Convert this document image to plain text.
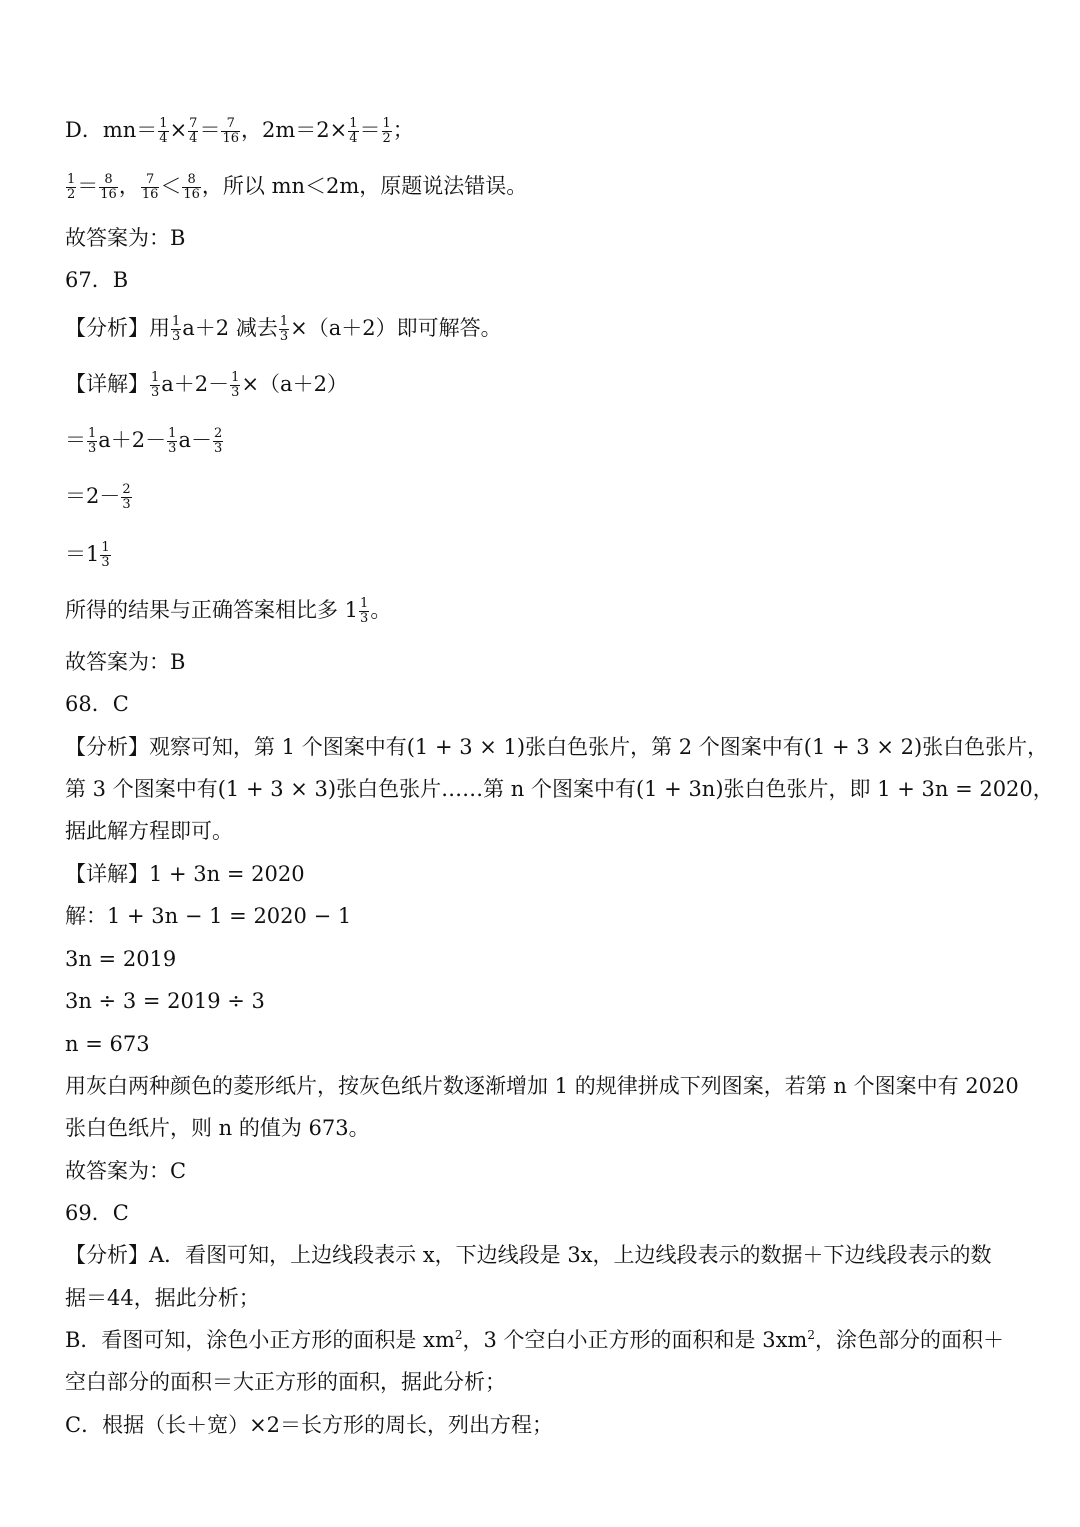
D．$mn= \frac{1}{4} \times \frac{7}{4} = \frac{7}{16}$ ，$2m=2\times \frac{1}{4} = \frac{1}{2}$ ；
$\frac{1}{2} = \frac{8}{16}$ ， $\frac{7}{16} < \frac{8}{16}$ ，所以 mn＜2m，原题说法错误。
故答案为：B
67．B
【分析】用 $\frac{1}{3} a+2$ 减去 $\frac{1}{3} \times(a+2)$即可解答。
【详解】 $\frac{1}{3} a+2- \frac{1}{3} \times(a+2)$
＝ $\frac{1}{3} a+2- \frac{1}{3} a- \frac{2}{3}$
$=2- \frac{2}{3}$
$=1 \frac{1}{3}$
所得的结果与正确答案相比多 $1 \frac{1}{3}$ 。
故答案为：B
68．C
【分析】观察可知，第 1 个图案中有(1 + 3 × 1)张白色张片，第 2 个图案中有(1 + 3 × 2)张白色张片，
第 3 个图案中有(1 + 3 × 3)张白色张片……第 n 个图案中有(1 + 3n)张白色张片，即 1 + 3n = 2020，
据此解方程即可。
【详解】1 + 3n = 2020
解：1 + 3n − 1 = 2020 − 1
3n = 2019
3n ÷ 3 = 2019 ÷ 3
n = 673
用灰白两种颜色的菱形纸片，按灰色纸片数逐渐增加 1 的规律拼成下列图案，若第 n 个图案中有 2020
张白色纸片，则 n 的值为 673。
故答案为：C
69．C
【分析】A．看图可知，上边线段表示 x，下边线段是 3x，上边线段表示的数据＋下边线段表示的数
据＝44，据此分析；
B．看图可知，涂色小正方形的面积是 $xm^2$，3 个空白小正方形的面积和是 $3xm^2$，涂色部分的面积＋
空白部分的面积＝大正方形的面积，据此分析；
C．根据（长＋宽）×2＝长方形的周长，列出方程；
